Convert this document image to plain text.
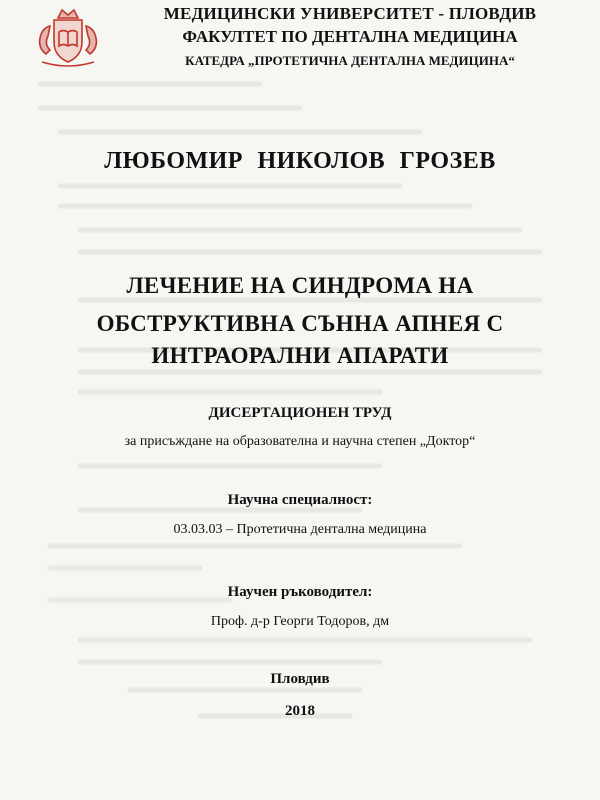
МЕДИЦИНСКИ УНИВЕРСИТЕТ - ПЛОВДИВ
ФАКУЛТЕТ ПО ДЕНТАЛНА МЕДИЦИНА
КАТЕДРА „ПРОТЕТИЧНА ДЕНТАЛНА МЕДИЦИНА“
ЛЮБОМИР НИКОЛОВ ГРОЗЕВ
ЛЕЧЕНИЕ НА СИНДРОМА НА
ОБСТРУКТИВНА СЪННА АПНЕЯ С
ИНТРАОРАЛНИ АПАРАТИ
ДИСЕРТАЦИОНЕН ТРУД
за присъждане на образователна и научна степен „Доктор“
Научна специалност:
03.03.03 – Протетична дентална медицина
Научен ръководител:
Проф. д-р Георги Тодоров, дм
Пловдив
2018
